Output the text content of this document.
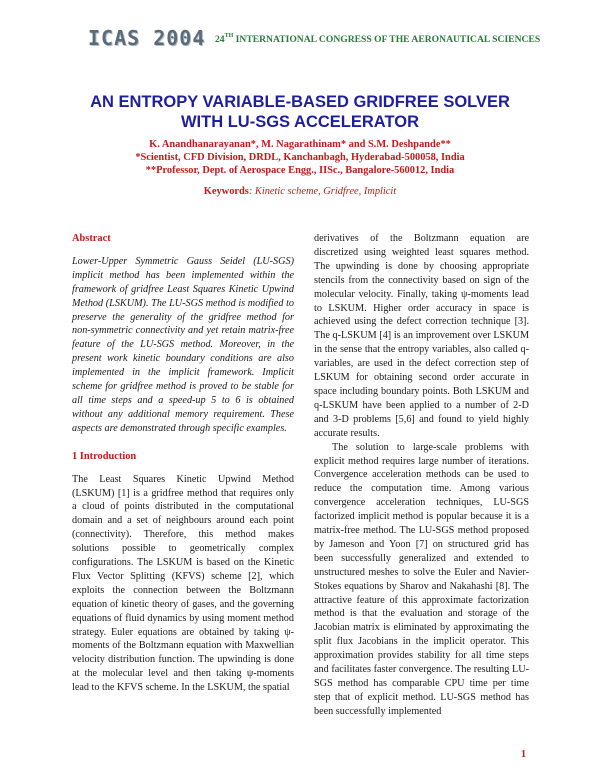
ICAS 2004 24TH INTERNATIONAL CONGRESS OF THE AERONAUTICAL SCIENCES
AN ENTROPY VARIABLE-BASED GRIDFREE SOLVER
WITH LU-SGS ACCELERATOR
K. Anandhanarayanan*, M. Nagarathinam* and S.M. Deshpande**
*Scientist, CFD Division, DRDL, Kanchanbagh, Hyderabad-500058, India
**Professor, Dept. of Aerospace Engg., IISc., Bangalore-560012, India
Keywords: Kinetic scheme, Gridfree, Implicit
Abstract

Lower-Upper Symmetric Gauss Seidel (LU-SGS) implicit method has been implemented within the framework of gridfree Least Squares Kinetic Upwind Method (LSKUM). The LU-SGS method is modified to preserve the generality of the gridfree method for non-symmetric connectivity and yet retain matrix-free feature of the LU-SGS method. Moreover, in the present work kinetic boundary conditions are also implemented in the implicit framework. Implicit scheme for gridfree method is proved to be stable for all time steps and a speed-up 5 to 6 is obtained without any additional memory requirement. These aspects are demonstrated through specific examples.

1 Introduction

The Least Squares Kinetic Upwind Method (LSKUM) [1] is a gridfree method that requires only a cloud of points distributed in the computational domain and a set of neighbours around each point (connectivity). Therefore, this method makes solutions possible to geometrically complex configurations. The LSKUM is based on the Kinetic Flux Vector Splitting (KFVS) scheme [2], which exploits the connection between the Boltzmann equation of kinetic theory of gases, and the governing equations of fluid dynamics by using moment method strategy. Euler equations are obtained by taking ψ-moments of the Boltzmann equation with Maxwellian velocity distribution function. The upwinding is done at the molecular level and then taking ψ-moments lead to the KFVS scheme. In the LSKUM, the spatial

derivatives of the Boltzmann equation are discretized using weighted least squares method. The upwinding is done by choosing appropriate stencils from the connectivity based on sign of the molecular velocity. Finally, taking ψ-moments lead to LSKUM. Higher order accuracy in space is achieved using the defect correction technique [3]. The q-LSKUM [4] is an improvement over LSKUM in the sense that the entropy variables, also called q-variables, are used in the defect correction step of LSKUM for obtaining second order accurate in space including boundary points. Both LSKUM and q-LSKUM have been applied to a number of 2-D and 3-D problems [5,6] and found to yield highly accurate results.

The solution to large-scale problems with explicit method requires large number of iterations. Convergence acceleration methods can be used to reduce the computation time. Among various convergence acceleration techniques, LU-SGS factorized implicit method is popular because it is a matrix-free method. The LU-SGS method proposed by Jameson and Yoon [7] on structured grid has been successfully generalized and extended to unstructured meshes to solve the Euler and Navier-Stokes equations by Sharov and Nakahashi [8]. The attractive feature of this approximate factorization method is that the evaluation and storage of the Jacobian matrix is eliminated by approximating the split flux Jacobians in the implicit operator. This approximation provides stability for all time steps and facilitates faster convergence. The resulting LU-SGS method has comparable CPU time per time step that of explicit method. LU-SGS method has been successfully implemented

1
